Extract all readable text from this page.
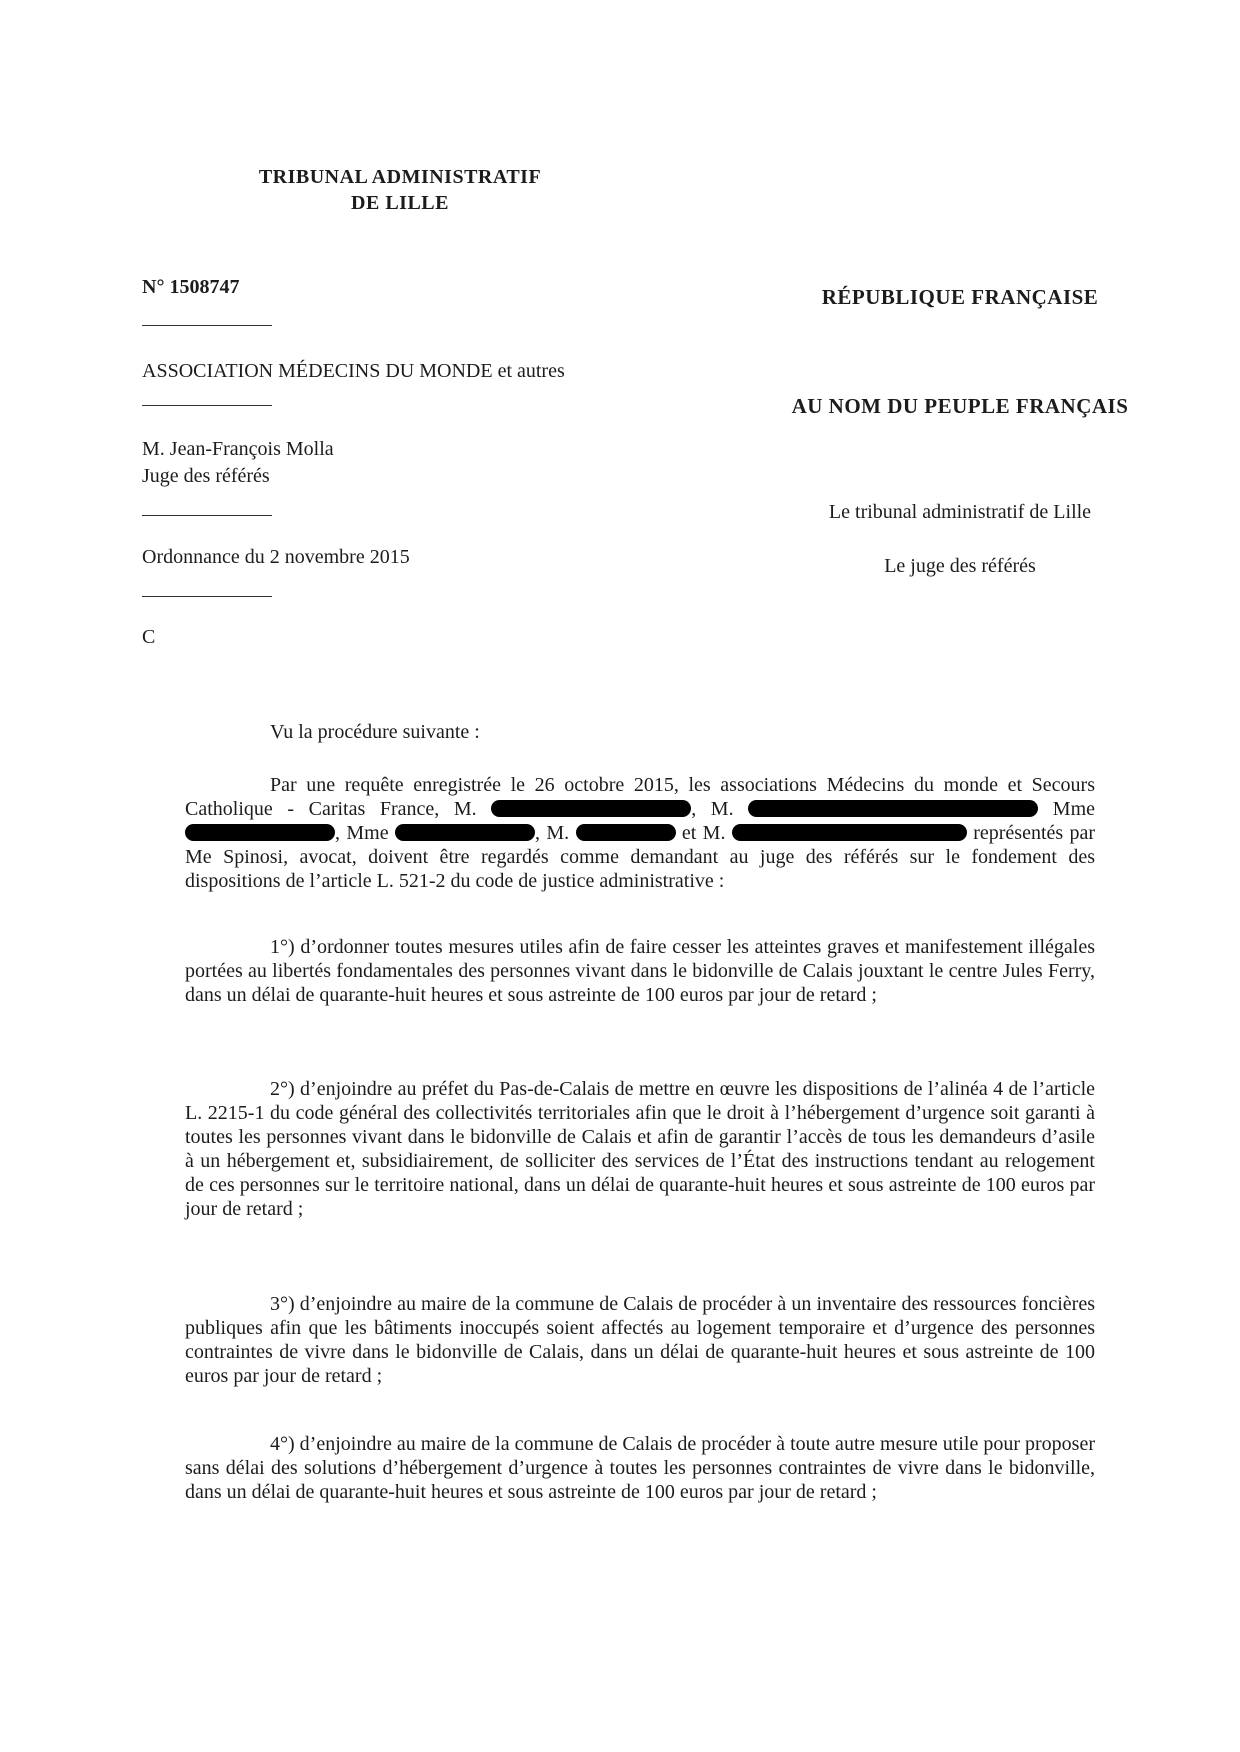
TRIBUNAL ADMINISTRATIF
DE LILLE
N° 1508747	RÉPUBLIQUE FRANÇAISE
ASSOCIATION MÉDECINS DU MONDE et autres
AU NOM DU PEUPLE FRANÇAIS
M. Jean-François Molla
Juge des référés
Le tribunal administratif de Lille
Le juge des référés
Ordonnance du 2 novembre 2015
C
Vu la procédure suivante :
Par une requête enregistrée le 26 octobre 2015, les associations Médecins du monde et Secours Catholique - Caritas France, M.	, M.	Mme , Mme	, M.	et M.	représentés par Me Spinosi, avocat, doivent être regardés comme demandant au juge des référés sur le fondement des dispositions de l’article L. 521-2 du code de justice administrative :
1°) d’ordonner toutes mesures utiles afin de faire cesser les atteintes graves et manifestement illégales portées au libertés fondamentales des personnes vivant dans le bidonville de Calais jouxtant le centre Jules Ferry, dans un délai de quarante-huit heures et sous astreinte de 100 euros par jour de retard ;
2°) d’enjoindre au préfet du Pas-de-Calais de mettre en œuvre les dispositions de l’alinéa 4 de l’article L. 2215-1 du code général des collectivités territoriales afin que le droit à l’hébergement d’urgence soit garanti à toutes les personnes vivant dans le bidonville de Calais et afin de garantir l’accès de tous les demandeurs d’asile à un hébergement et, subsidiairement, de solliciter des services de l’État des instructions tendant au relogement de ces personnes sur le territoire national, dans un délai de quarante-huit heures et sous astreinte de 100 euros par jour de retard ;
3°) d’enjoindre au maire de la commune de Calais de procéder à un inventaire des ressources foncières publiques afin que les bâtiments inoccupés soient affectés au logement temporaire et d’urgence des personnes contraintes de vivre dans le bidonville de Calais, dans un délai de quarante-huit heures et sous astreinte de 100 euros par jour de retard ;
4°) d’enjoindre au maire de la commune de Calais de procéder à toute autre mesure utile pour proposer sans délai des solutions d’hébergement d’urgence à toutes les personnes contraintes de vivre dans le bidonville, dans un délai de quarante-huit heures et sous astreinte de 100 euros par jour de retard ;
